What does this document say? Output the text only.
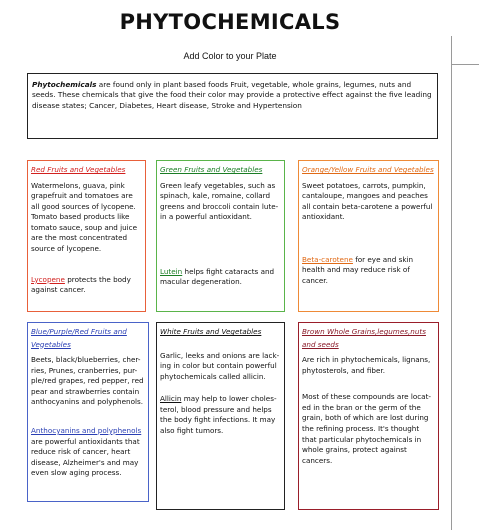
PHYTOCHEMICALS
Add Color to your Plate
Phytochemicals are found only in plant based foods Fruit, vegetable, whole grains, legumes, nuts and seeds. These chemicals that give the food their color may provide a protective effect against the five leading disease states; Cancer, Diabetes, Heart disease, Stroke and Hypertension
Red Fruits and Vegetables

Watermelons, guava, pink grapefruit and tomatoes are all good sources of lycopene. Tomato based products like tomato sauce, soup and juice are the most concentrated source of lycopene.

Lycopene protects the body against cancer.

Green Fruits and Vegetables

Green leafy vegetables, such as spinach, kale, romaine, collard greens and broccoli contain lute-in a powerful antioxidant.

Lutein helps fight cataracts and macular degeneration.

Orange/Yellow Fruits and Vegetables

Sweet potatoes, carrots, pumpkin, cantaloupe, mangoes and peaches all contain beta-carotene a powerful antioxidant.

Beta-carotene for eye and skin health and may reduce risk of cancer.

Blue/Purple/Red Fruits and Vegetables

Beets, black/blueberries, cher-ries, Prunes, cranberries, pur-ple/red grapes, red pepper, red pear and strawberries contain anthocyanins and polyphenols.

Anthocyanins and polyphenols are powerful antioxidants that reduce risk of cancer, heart disease, Alzheimer's and may even slow aging process.

White Fruits and Vegetables

Garlic, leeks and onions are lack-ing in color but contain powerful phytochemicals called allicin.

Allicin may help to lower choles-terol, blood pressure and helps the body fight infections. It may also fight tumors.

Brown Whole Grains,legumes,nuts and seeds

Are rich in phytochemicals, lignans, phytosterols, and fiber.

Most of these compounds are locat-ed in the bran or the germ of the grain, both of which are lost during the refining process. It's thought that particular phytochemicals in whole grains, protect against cancers.
